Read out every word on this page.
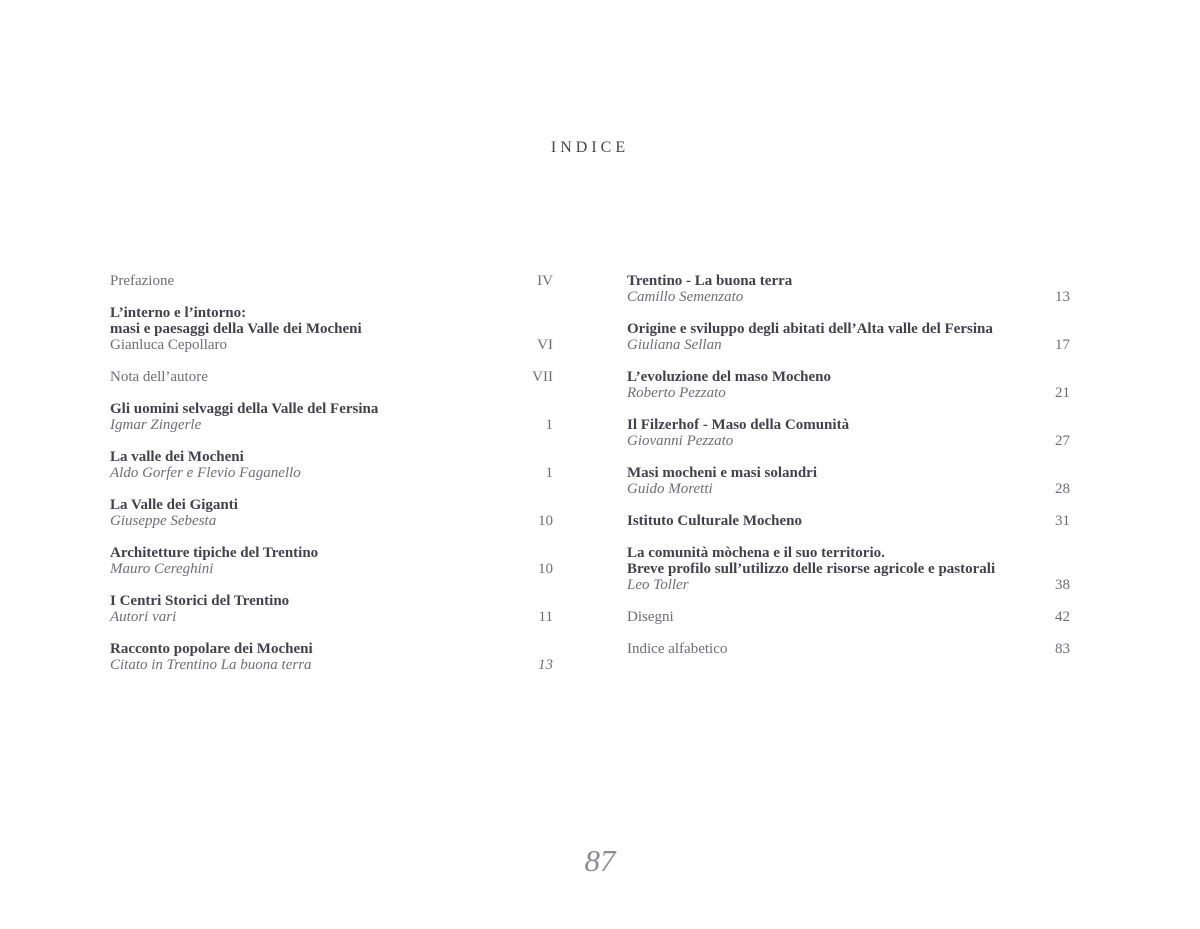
INDICE
Prefazione	IV
L’interno e l’intorno:
masi e paesaggi della Valle dei Mocheni
Gianluca Cepollaro	VI
Nota dell’autore	VII
Gli uomini selvaggi della Valle del Fersina
Igmar Zingerle	1
La valle dei Mocheni
Aldo Gorfer e Flevio Faganello	1
La Valle dei Giganti
Giuseppe Sebesta	10
Architetture tipiche del Trentino
Mauro Cereghini	10
I Centri Storici del Trentino
Autori vari	11
Racconto popolare dei Mocheni
Citato in Trentino La buona terra	13
Trentino - La buona terra
Camillo Semenzato	13
Origine e sviluppo degli abitati dell’Alta valle del Fersina
Giuliana Sellan	17
L’evoluzione del maso Mocheno
Roberto Pezzato	21
Il Filzerhof - Maso della Comunità
Giovanni Pezzato	27
Masi mocheni e masi solandri
Guido Moretti	28
Istituto Culturale Mocheno	31
La comunità mòchena e il suo territorio.
Breve profilo sull’utilizzo delle risorse agricole e pastorali
Leo Toller	38
Disegni	42
Indice alfabetico	83
87
